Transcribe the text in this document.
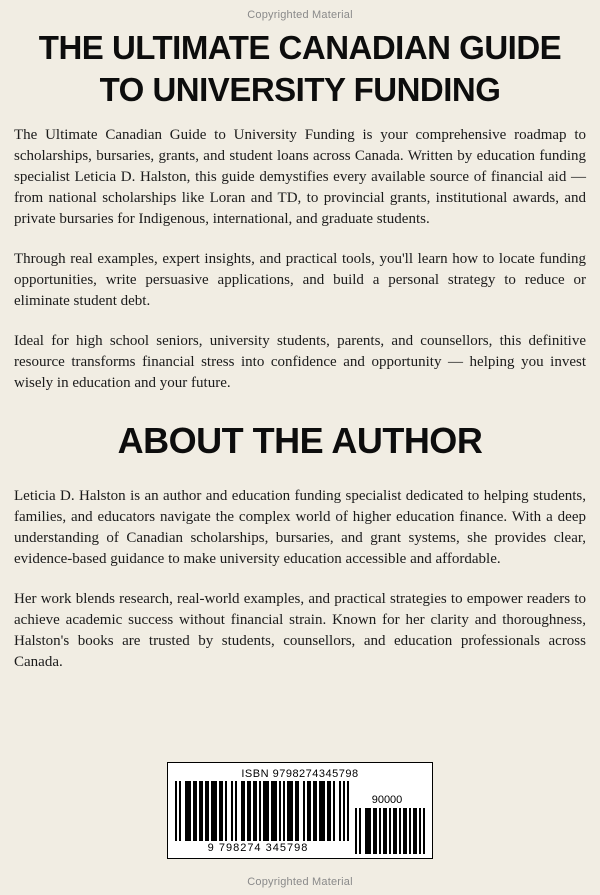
Copyrighted Material
THE ULTIMATE CANADIAN GUIDE
TO UNIVERSITY FUNDING

The Ultimate Canadian Guide to University Funding is your comprehensive roadmap to scholarships, bursaries, grants, and student loans across Canada. Written by education funding specialist Leticia D. Halston, this guide demystifies every available source of financial aid — from national scholarships like Loran and TD, to provincial grants, institutional awards, and private bursaries for Indigenous, international, and graduate students.

Through real examples, expert insights, and practical tools, you'll learn how to locate funding opportunities, write persuasive applications, and build a personal strategy to reduce or eliminate student debt.

Ideal for high school seniors, university students, parents, and counsellors, this definitive resource transforms financial stress into confidence and opportunity — helping you invest wisely in education and your future.

ABOUT THE AUTHOR

Leticia D. Halston is an author and education funding specialist dedicated to helping students, families, and educators navigate the complex world of higher education finance. With a deep understanding of Canadian scholarships, bursaries, and grant systems, she provides clear, evidence-based guidance to make university education accessible and affordable.

Her work blends research, real-world examples, and practical strategies to empower readers to achieve academic success without financial strain. Known for her clarity and thoroughness, Halston's books are trusted by students, counsellors, and education professionals across Canada.

ISBN 9798274345798
9 798274 345798
90000
Copyrighted Material
